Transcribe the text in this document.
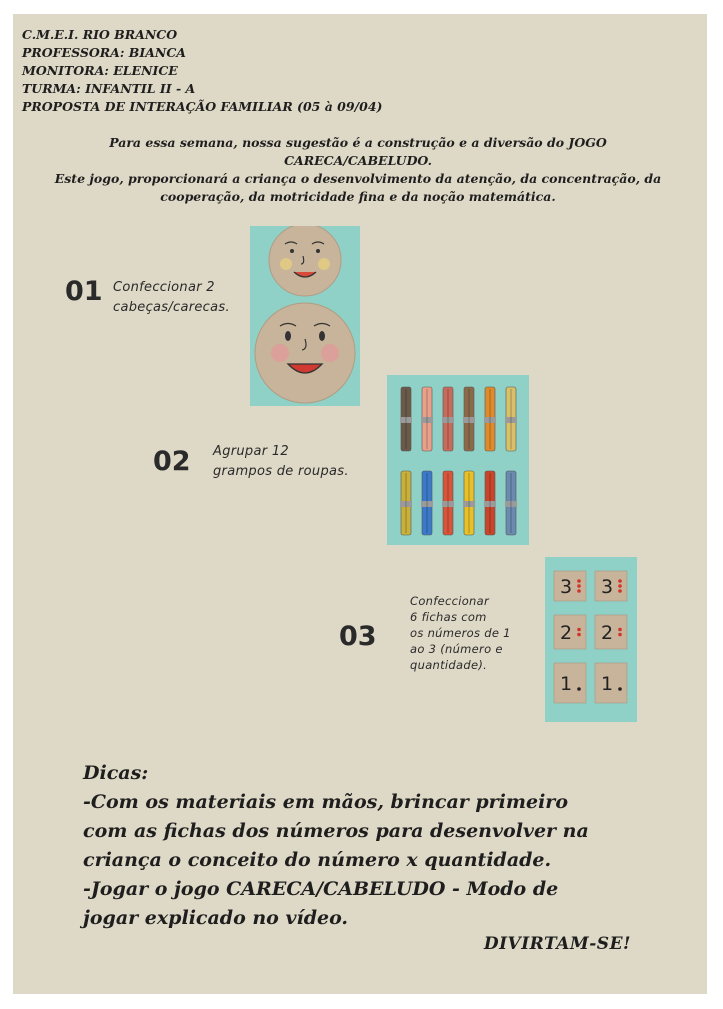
C.M.E.I. RIO BRANCO
PROFESSORA: BIANCA
MONITORA: ELENICE
TURMA: INFANTIL II - A
PROPOSTA DE INTERAÇÃO FAMILIAR (05 à 09/04)
Para essa semana, nossa sugestão é a construção e a diversão do JOGO
CARECA/CABELUDO.
Este jogo, proporcionará a criança o desenvolvimento da atenção, da concentração, da
cooperação, da motricidade fina e da noção matemática.
01 Confeccionar 2
cabeças/carecas.
02 Agrupar 12
grampos de roupas.
03
Confeccionar
6 fichas com
os números de 1
ao 3 (número e
quantidade).
3 3
2 2
1 1
Dicas:
-Com os materiais em mãos, brincar primeiro
com as fichas dos números para desenvolver na
criança o conceito do número x quantidade.
-Jogar o jogo CARECA/CABELUDO - Modo de
jogar explicado no vídeo.
DIVIRTAM-SE!
